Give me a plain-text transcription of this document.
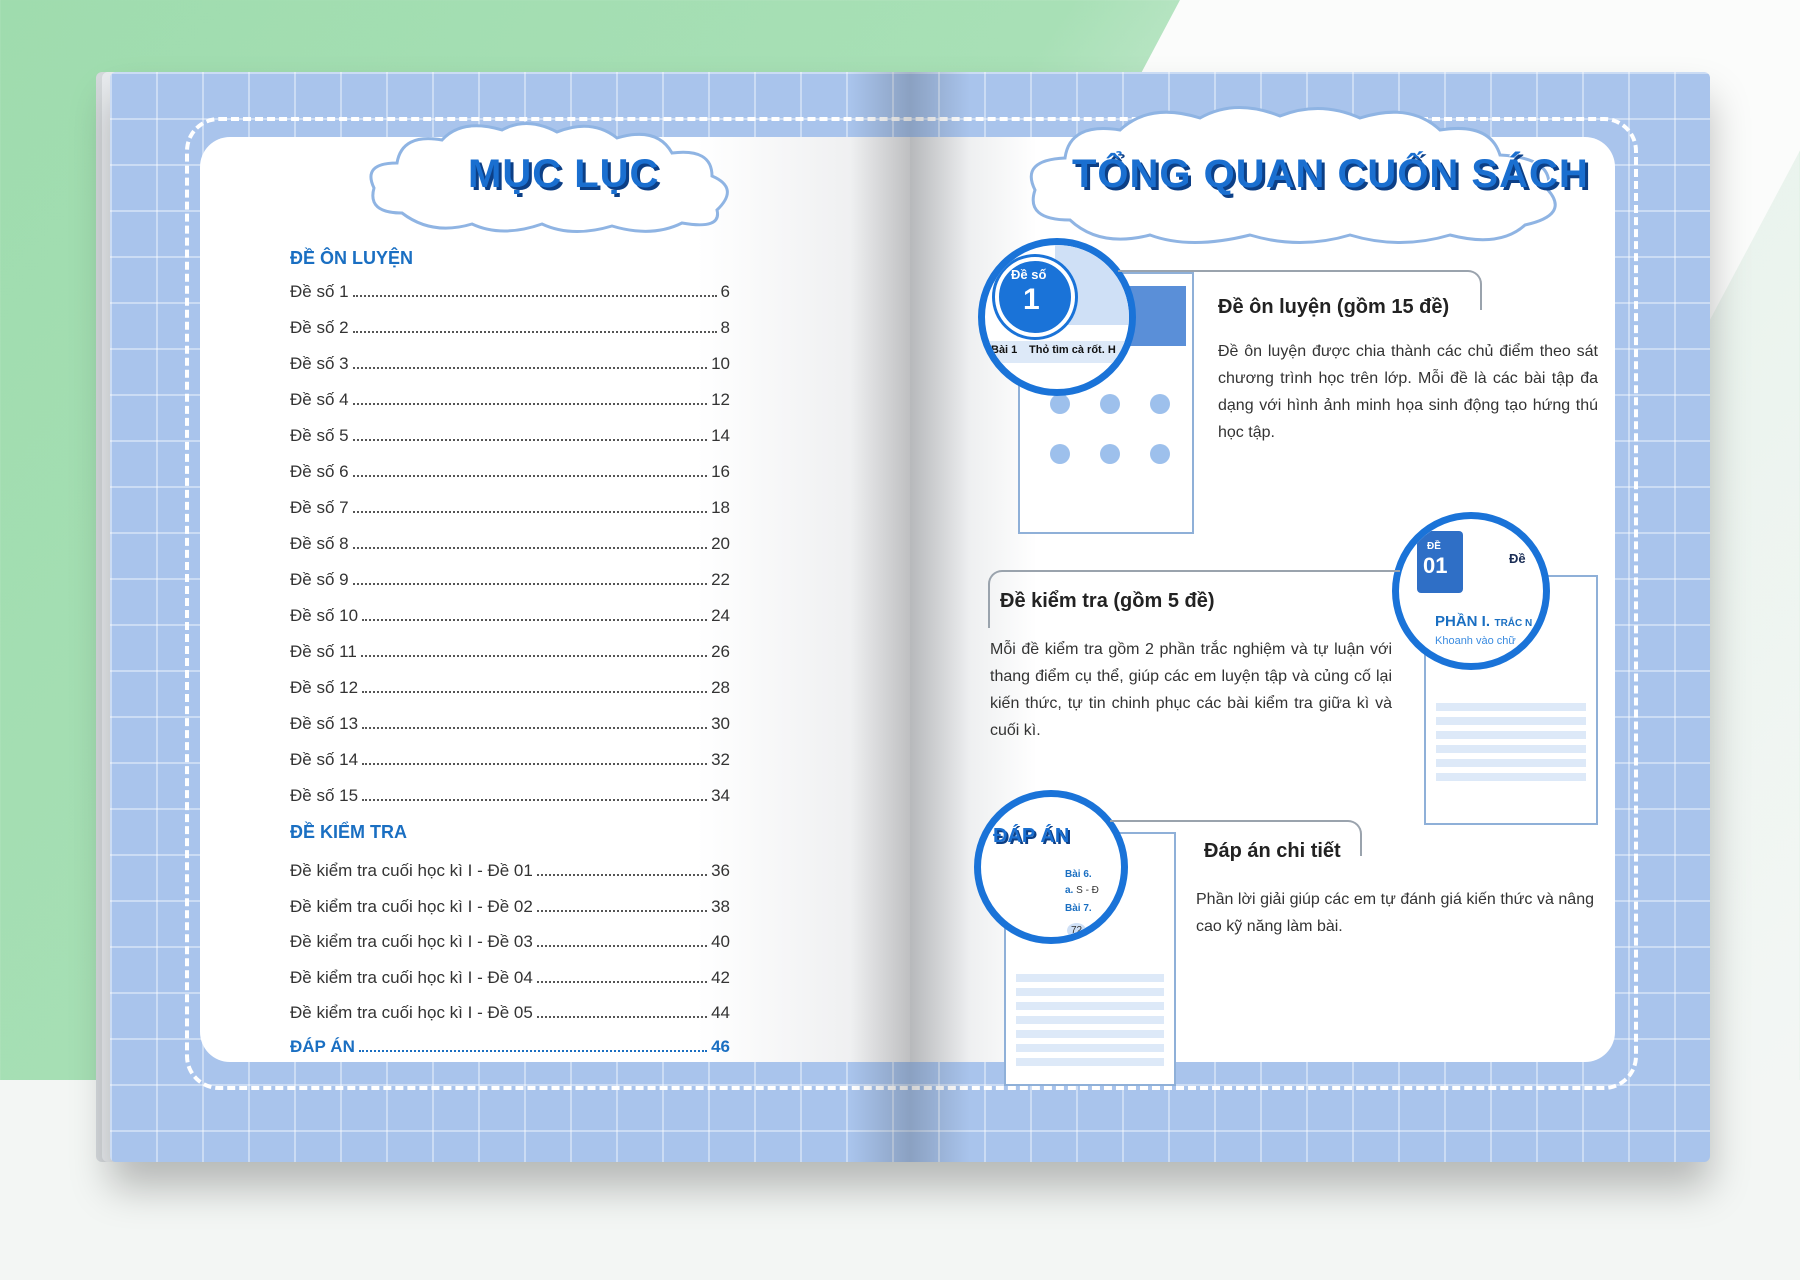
MỤC LỤC
ĐỀ ÔN LUYỆN
Đề số 1	6
Đề số 2	8
Đề số 3	10
Đề số 4	12
Đề số 5	14
Đề số 6	16
Đề số 7	18
Đề số 8	20
Đề số 9	22
Đề số 10	24
Đề số 11	26
Đề số 12	28
Đề số 13	30
Đề số 14	32
Đề số 15	34
ĐỀ KIỂM TRA
Đề kiểm tra cuối học kì I - Đề 01	36
Đề kiểm tra cuối học kì I - Đề 02	38
Đề kiểm tra cuối học kì I - Đề 03	40
Đề kiểm tra cuối học kì I - Đề 04	42
Đề kiểm tra cuối học kì I - Đề 05	44
ĐÁP ÁN	46
TỔNG QUAN CUỐN SÁCH
Đề số
1
Bài 1 Thỏ tìm cà rốt. H
Đề ôn luyện (gồm 15 đề)
Đề ôn luyện được chia thành các chủ điểm theo sát chương trình học trên lớp. Mỗi đề là các bài tập đa dạng với hình ảnh minh họa sinh động tạo hứng thú học tập.
ĐỀ
01	Đề
PHẦN I. TRẮC N
Khoanh vào chữ
Đề kiểm tra (gồm 5 đề)
Mỗi đề kiểm tra gồm 2 phần trắc nghiệm và tự luận với thang điểm cụ thể, giúp các em luyện tập và củng cố lại kiến thức, tự tin chinh phục các bài kiểm tra giữa kì và cuối kì.
ĐÁP ÁN
Bài 6.
a. S - Đ
Bài 7.
72
Đáp án chi tiết
Phần lời giải giúp các em tự đánh giá kiến thức và nâng cao kỹ năng làm bài.
